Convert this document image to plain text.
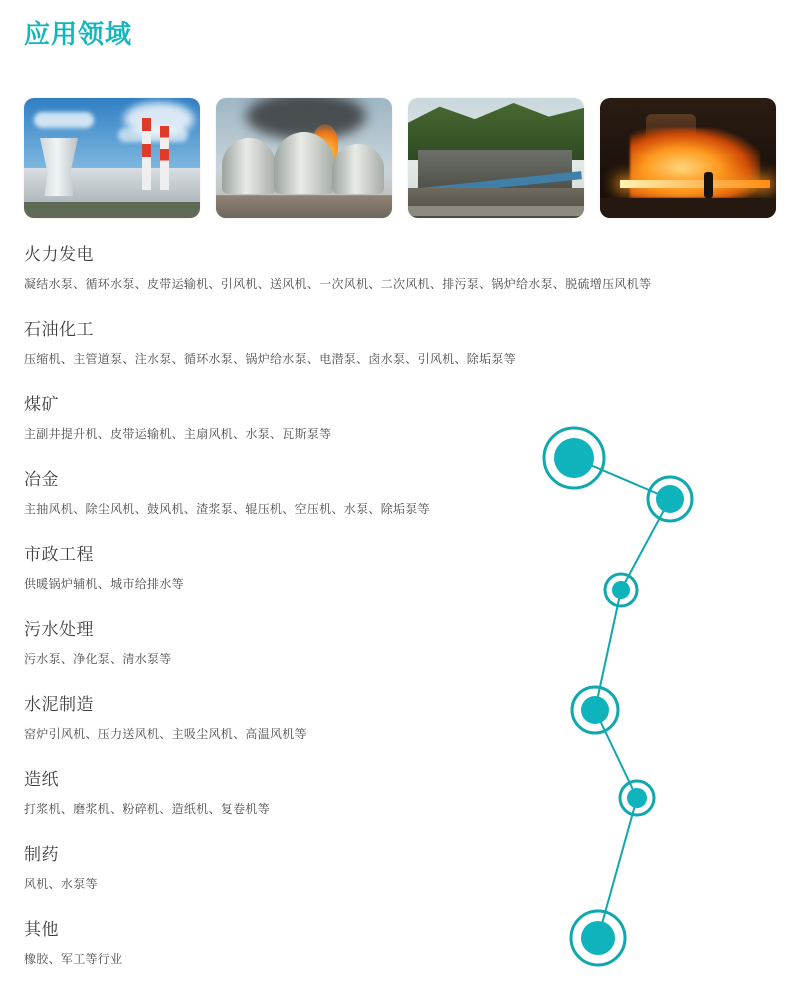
应用领域
火力发电

凝结水泵、循环水泵、皮带运输机、引风机、送风机、一次风机、二次风机、排污泵、锅炉给水泵、脱硫增压风机等

石油化工

压缩机、主管道泵、注水泵、循环水泵、锅炉给水泵、电潜泵、卤水泵、引风机、除垢泵等

煤矿

主副井提升机、皮带运输机、主扇风机、水泵、瓦斯泵等

冶金

主抽风机、除尘风机、鼓风机、渣浆泵、辊压机、空压机、水泵、除垢泵等

市政工程

供暖锅炉辅机、城市给排水等

污水处理

污水泵、净化泵、清水泵等

水泥制造

窑炉引风机、压力送风机、主吸尘风机、高温风机等

造纸

打浆机、磨浆机、粉碎机、造纸机、复卷机等

制药

风机、水泵等

其他

橡胶、军工等行业
